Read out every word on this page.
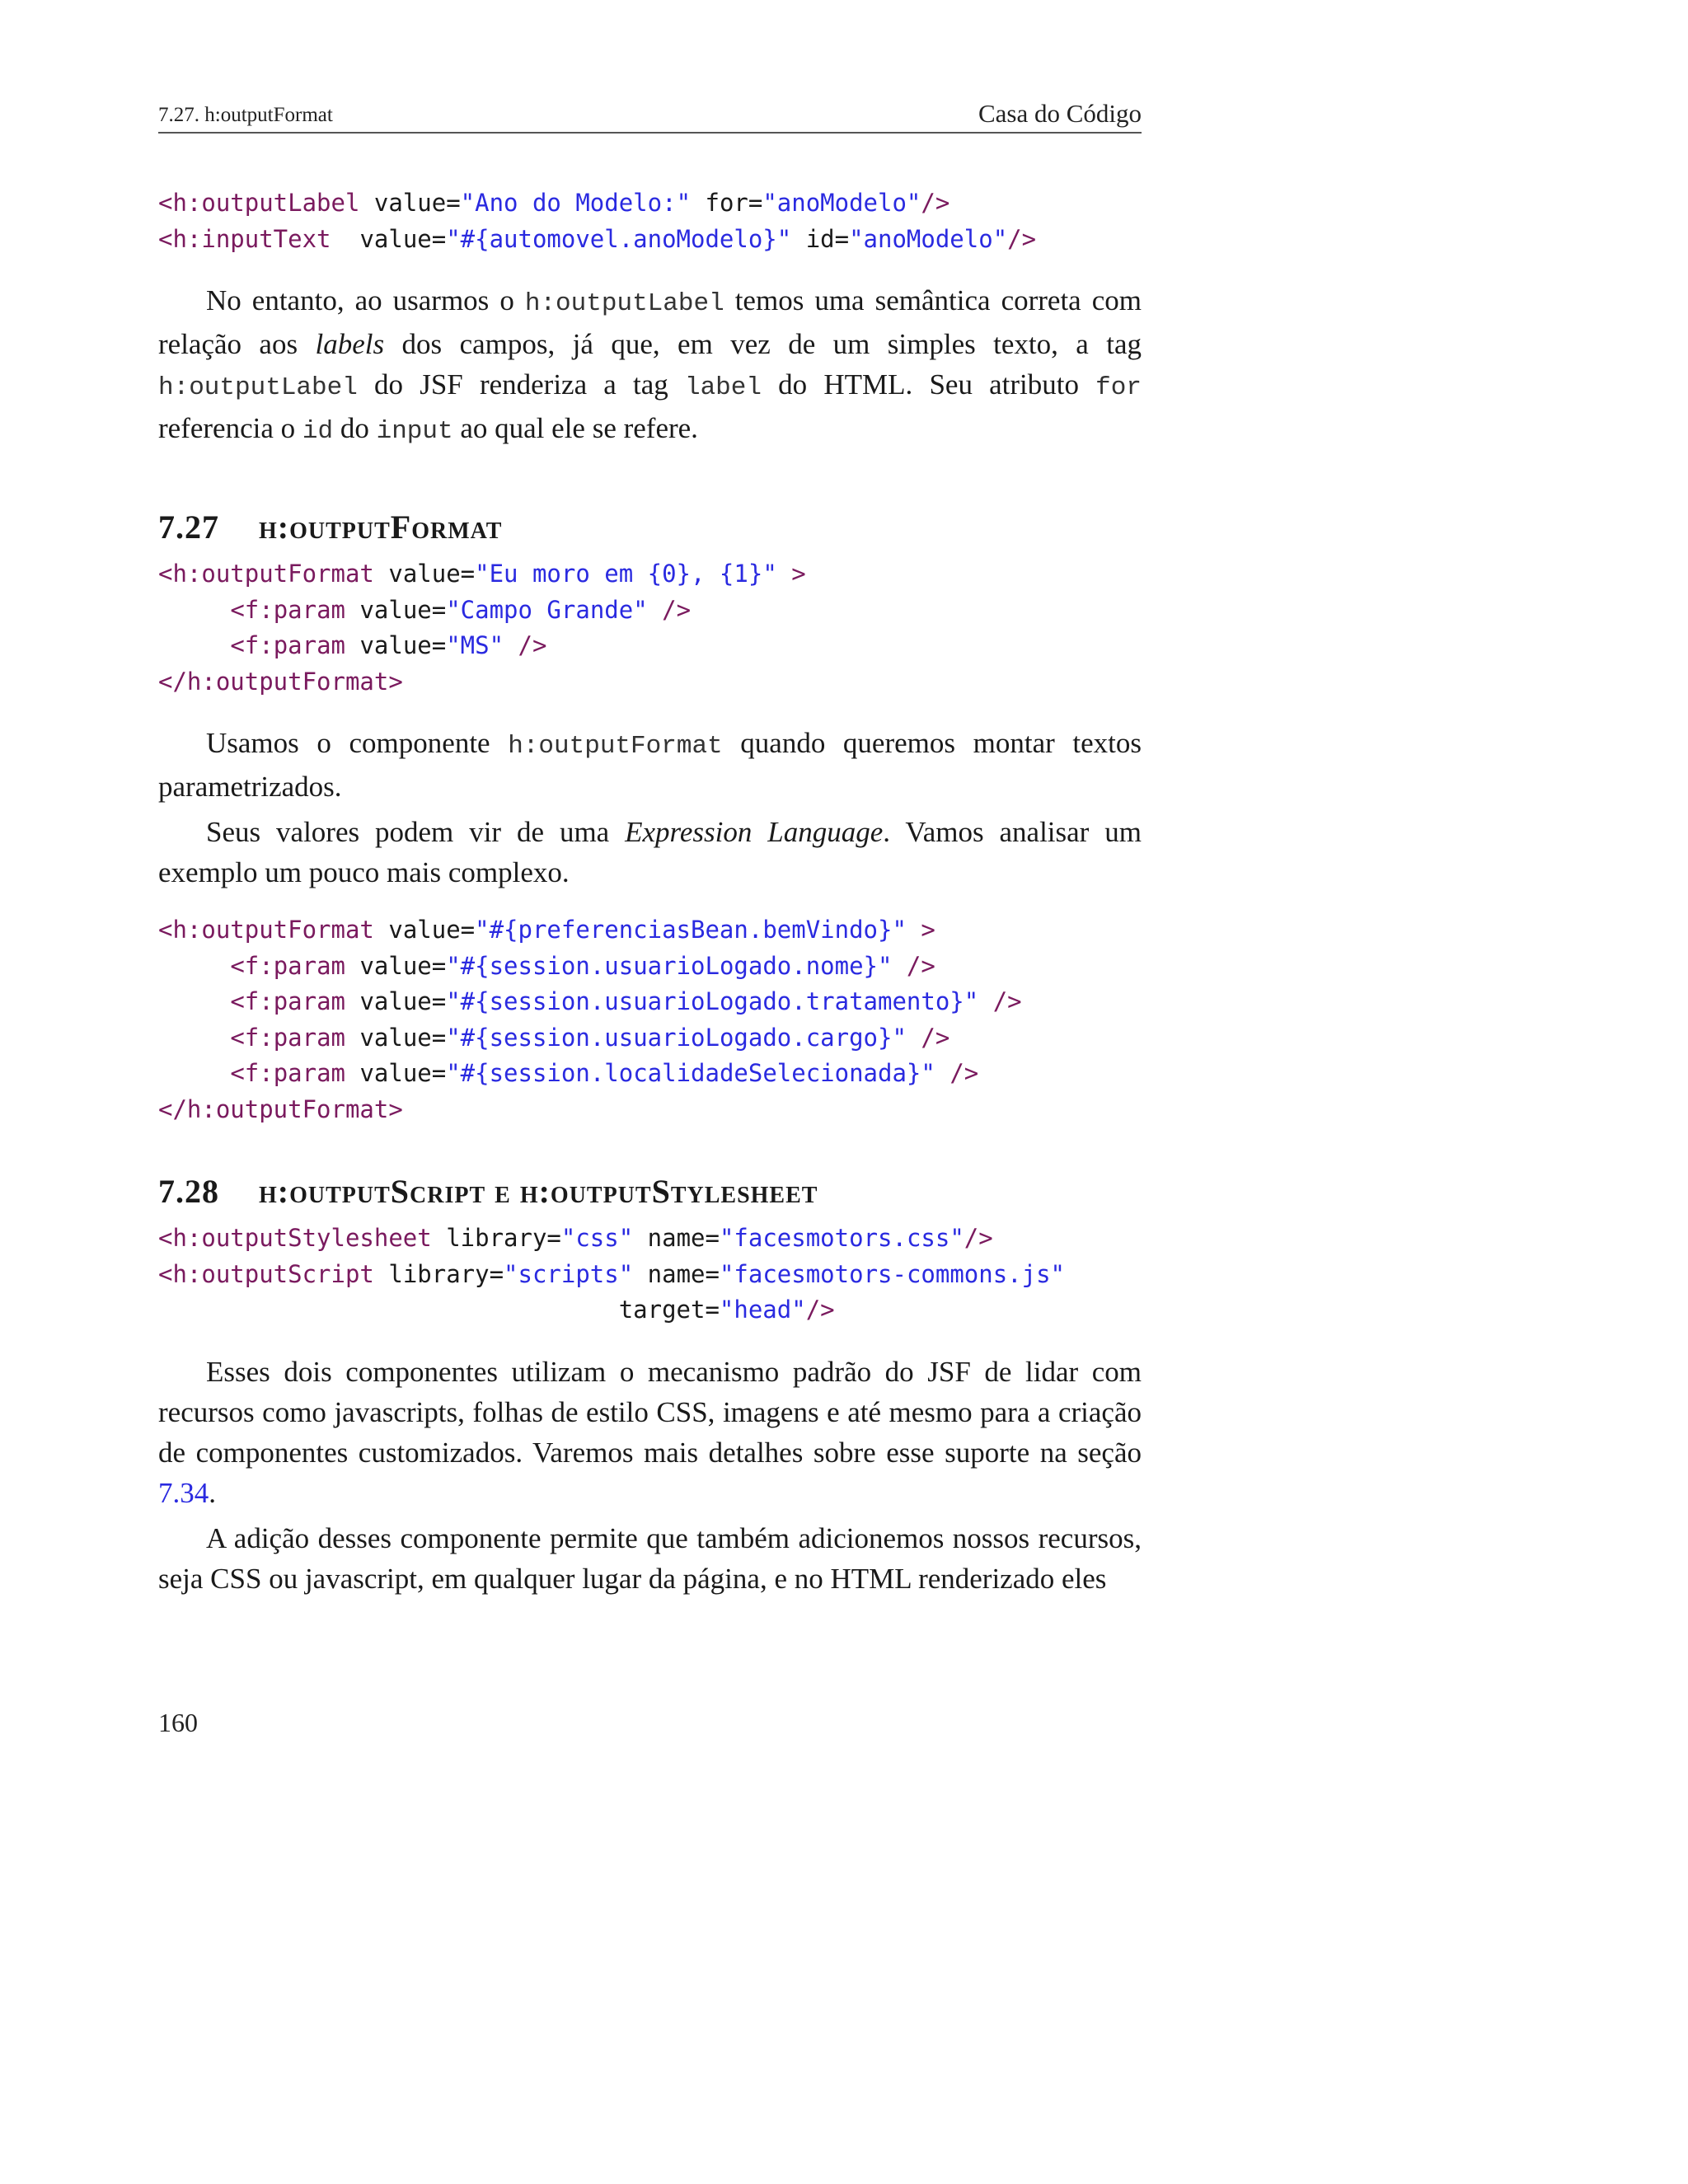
7.27. h:outputFormat	Casa do Código
<h:outputLabel value="Ano do Modelo:" for="anoModelo"/>
<h:inputText  value="#{automovel.anoModelo}" id="anoModelo"/>

No entanto, ao usarmos o h:outputLabel temos uma semântica correta com relação aos labels dos campos, já que, em vez de um simples texto, a tag h:outputLabel do JSF renderiza a tag label do HTML. Seu atributo for referencia o id do input ao qual ele se refere.

7.27 h:outputFormat
<h:outputFormat value="Eu moro em {0}, {1}" >
<f:param value="Campo Grande" />
<f:param value="MS" />
</h:outputFormat>

Usamos o componente h:outputFormat quando queremos montar textos parametrizados.

Seus valores podem vir de uma Expression Language. Vamos analisar um exemplo um pouco mais complexo.

<h:outputFormat value="#{preferenciasBean.bemVindo}" >
<f:param value="#{session.usuarioLogado.nome}" />
<f:param value="#{session.usuarioLogado.tratamento}" />
<f:param value="#{session.usuarioLogado.cargo}" />
<f:param value="#{session.localidadeSelecionada}" />
</h:outputFormat>
7.28 h:outputScript e h:outputStylesheet
<h:outputStylesheet library="css" name="facesmotors.css"/>
<h:outputScript library="scripts" name="facesmotors-commons.js"
target="head"/>

Esses dois componentes utilizam o mecanismo padrão do JSF de lidar com recursos como javascripts, folhas de estilo CSS, imagens e até mesmo para a criação de componentes customizados. Varemos mais detalhes sobre esse suporte na seção 7.34.

A adição desses componente permite que também adicionemos nossos recursos, seja CSS ou javascript, em qualquer lugar da página, e no HTML renderizado eles

160
